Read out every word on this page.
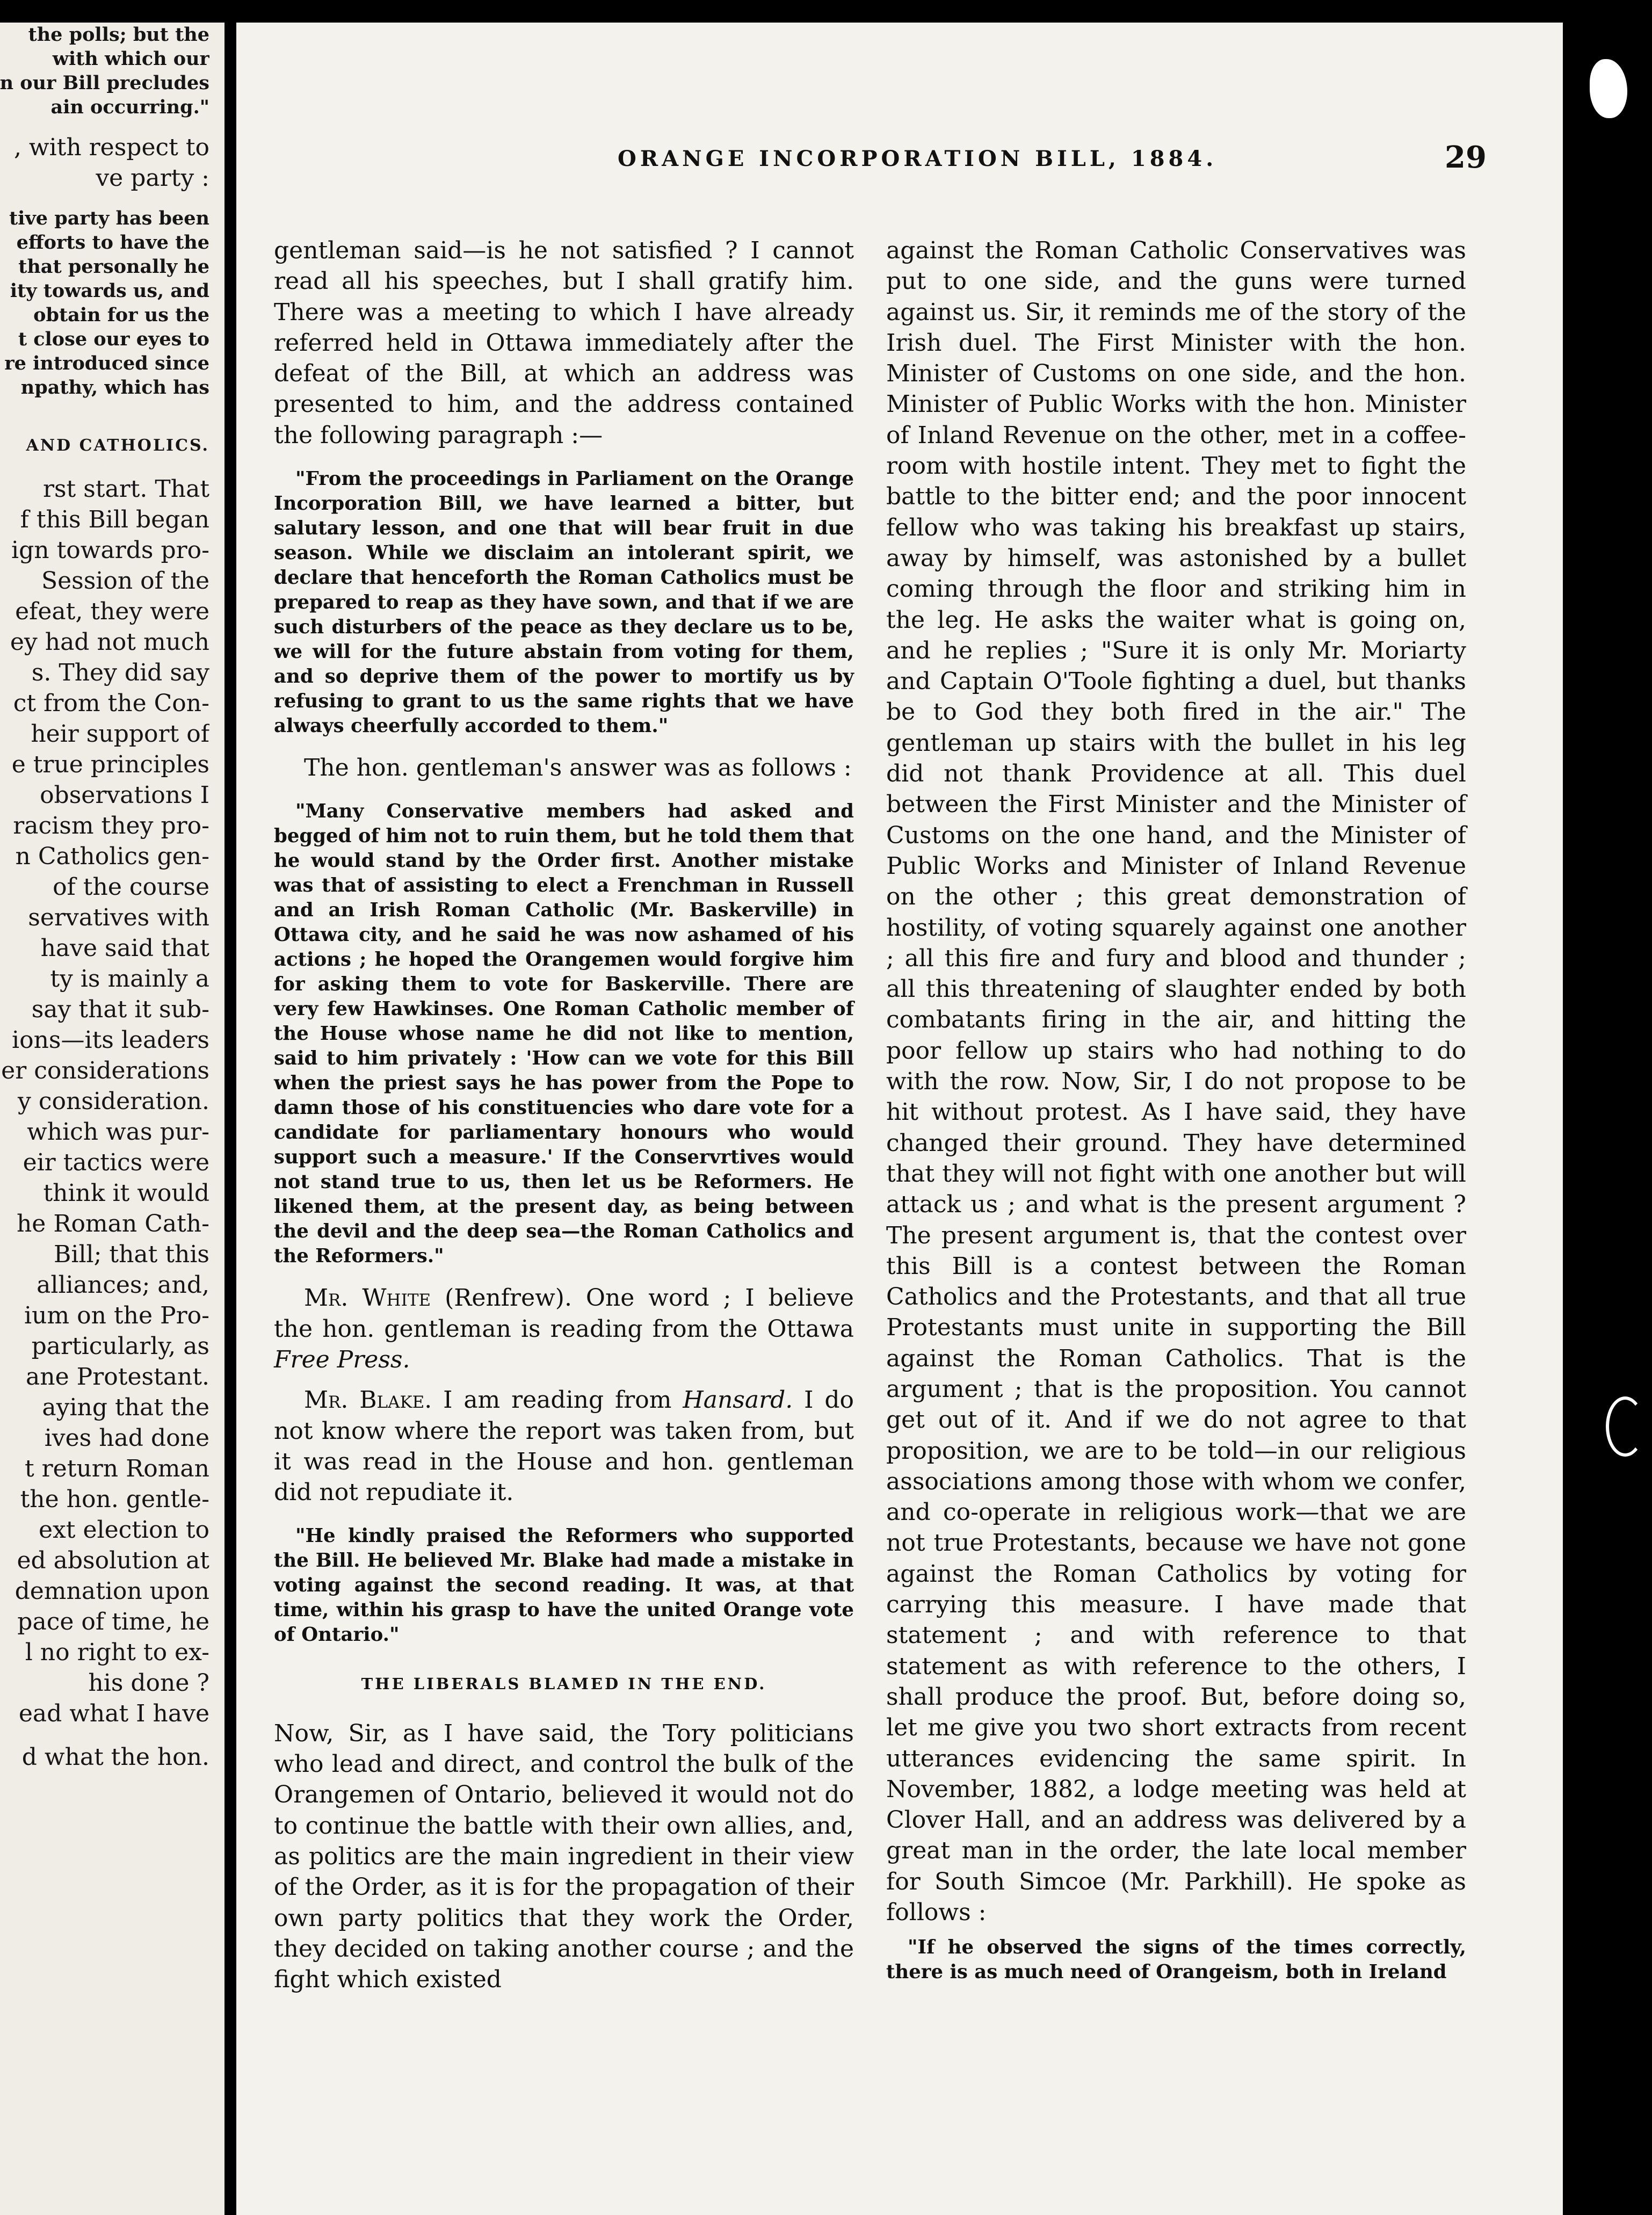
the polls; but the
with which our
n our Bill precludes
ain occurring."
, with respect to
ve party :
tive party has been
efforts to have the
that personally he
ity towards us, and
obtain for us the
t close our eyes to
re introduced since
npathy, which has
AND CATHOLICS.
rst start. That
f this Bill began
ign towards pro-
Session of the
efeat, they were
ey had not much
s. They did say
ct from the Con-
heir support of
e true principles
observations I
racism they pro-
n Catholics gen-
of the course
servatives with
have said that
ty is mainly a
say that it sub-
ions—its leaders
er considerations
y consideration.
which was pur-
eir tactics were
think it would
he Roman Cath-
Bill; that this
alliances; and,
ium on the Pro-
particularly, as
ane Protestant.
aying that the
ives had done
t return Roman
the hon. gentle-
ext election to
ed absolution at
demnation upon
pace of time, he
l no right to ex-
his done ?
ead what I have
d what the hon.
ORANGE INCORPORATION BILL, 1884.	29

gentleman said—is he not satisfied ? I cannot read all his speeches, but I shall gratify him. There was a meeting to which I have already referred held in Ottawa immediately after the defeat of the Bill, at which an address was presented to him, and the address contained the following paragraph :—

"From the proceedings in Parliament on the Orange Incorporation Bill, we have learned a bitter, but salutary lesson, and one that will bear fruit in due season. While we disclaim an intolerant spirit, we declare that henceforth the Roman Catholics must be prepared to reap as they have sown, and that if we are such disturbers of the peace as they declare us to be, we will for the future abstain from voting for them, and so deprive them of the power to mortify us by refusing to grant to us the same rights that we have always cheerfully accorded to them."

The hon. gentleman's answer was as follows :

"Many Conservative members had asked and begged of him not to ruin them, but he told them that he would stand by the Order first. Another mistake was that of assisting to elect a Frenchman in Russell and an Irish Roman Catholic (Mr. Baskerville) in Ottawa city, and he said he was now ashamed of his actions ; he hoped the Orangemen would forgive him for asking them to vote for Baskerville. There are very few Hawkinses. One Roman Catholic member of the House whose name he did not like to mention, said to him privately : 'How can we vote for this Bill when the priest says he has power from the Pope to damn those of his constituencies who dare vote for a candidate for parliamentary honours who would support such a measure.' If the Conservrtives would not stand true to us, then let us be Reformers. He likened them, at the present day, as being between the devil and the deep sea—the Roman Catholics and the Reformers."

Mr. White (Renfrew). One word ; I believe the hon. gentleman is reading from the Ottawa Free Press.

Mr. Blake. I am reading from Hansard. I do not know where the report was taken from, but it was read in the House and hon. gentleman did not repudiate it.

"He kindly praised the Reformers who supported the Bill. He believed Mr. Blake had made a mistake in voting against the second reading. It was, at that time, within his grasp to have the united Orange vote of Ontario."

THE LIBERALS BLAMED IN THE END.

Now, Sir, as I have said, the Tory politicians who lead and direct, and control the bulk of the Orangemen of Ontario, believed it would not do to continue the battle with their own allies, and, as politics are the main ingredient in their view of the Order, as it is for the propagation of their own party politics that they work the Order, they decided on taking another course ; and the fight which existed

against the Roman Catholic Conservatives was put to one side, and the guns were turned against us. Sir, it reminds me of the story of the Irish duel. The First Minister with the hon. Minister of Customs on one side, and the hon. Minister of Public Works with the hon. Minister of Inland Revenue on the other, met in a coffee-room with hostile intent. They met to fight the battle to the bitter end; and the poor innocent fellow who was taking his breakfast up stairs, away by himself, was astonished by a bullet coming through the floor and striking him in the leg. He asks the waiter what is going on, and he replies ; "Sure it is only Mr. Moriarty and Captain O'Toole fighting a duel, but thanks be to God they both fired in the air." The gentleman up stairs with the bullet in his leg did not thank Providence at all. This duel between the First Minister and the Minister of Customs on the one hand, and the Minister of Public Works and Minister of Inland Revenue on the other ; this great demonstration of hostility, of voting squarely against one another ; all this fire and fury and blood and thunder ; all this threatening of slaughter ended by both combatants firing in the air, and hitting the poor fellow up stairs who had nothing to do with the row. Now, Sir, I do not propose to be hit without protest. As I have said, they have changed their ground. They have determined that they will not fight with one another but will attack us ; and what is the present argument ? The present argument is, that the contest over this Bill is a contest between the Roman Catholics and the Protestants, and that all true Protestants must unite in supporting the Bill against the Roman Catholics. That is the argument ; that is the proposition. You cannot get out of it. And if we do not agree to that proposition, we are to be told—in our religious associations among those with whom we confer, and co-operate in religious work—that we are not true Protestants, because we have not gone against the Roman Catholics by voting for carrying this measure. I have made that statement ; and with reference to that statement as with reference to the others, I shall produce the proof. But, before doing so, let me give you two short extracts from recent utterances evidencing the same spirit. In November, 1882, a lodge meeting was held at Clover Hall, and an address was delivered by a great man in the order, the late local member for South Simcoe (Mr. Parkhill). He spoke as follows :

"If he observed the signs of the times correctly, there is as much need of Orangeism, both in Ireland
